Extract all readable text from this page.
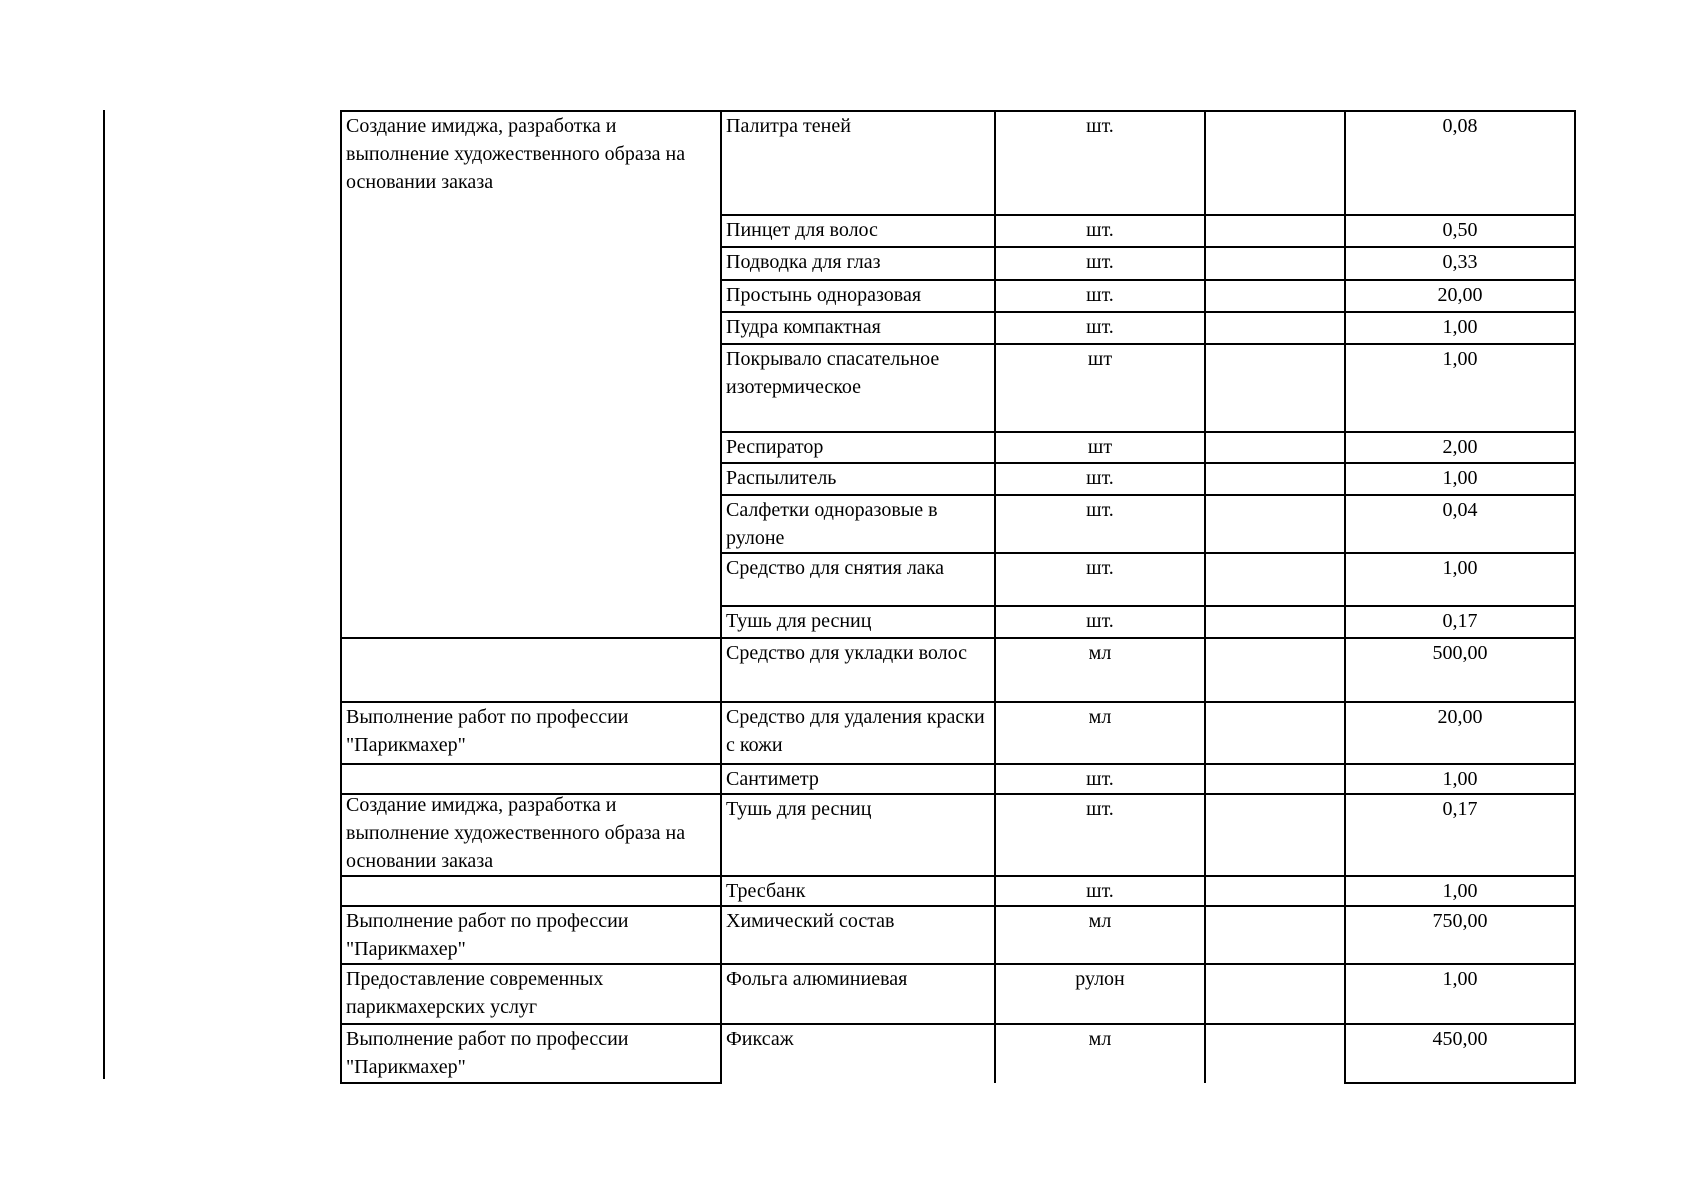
Создание имиджа, разработка и выполнение художественного образа на основании заказа	Палитра теней	шт.		0,08
	Пинцет для волос	шт.		0,50
	Подводка для глаз	шт.		0,33
	Простынь одноразовая	шт.		20,00
	Пудра компактная	шт.		1,00
	Покрывало спасательное изотермическое	шт		1,00
	Респиратор	шт		2,00
	Распылитель	шт.		1,00
	Салфетки одноразовые в рулоне	шт.		0,04
	Средство для снятия лака	шт.		1,00
	Тушь для ресниц	шт.		0,17
	Средство для укладки волос	мл		500,00
Выполнение работ по профессии "Парикмахер"	Средство для удаления краски с кожи	мл		20,00
	Сантиметр	шт.		1,00

Создание имиджа, разработка и выполнение художественного образа на основании заказа	Тушь для ресниц	шт.		0,17
	Тресбанк	шт.		1,00
Выполнение работ по профессии "Парикмахер"	Химический состав	мл		750,00
Предоставление современных парикмахерских услуг	Фольга алюминиевая	рулон		1,00
Выполнение работ по профессии "Парикмахер"	Фиксаж	мл		450,00
